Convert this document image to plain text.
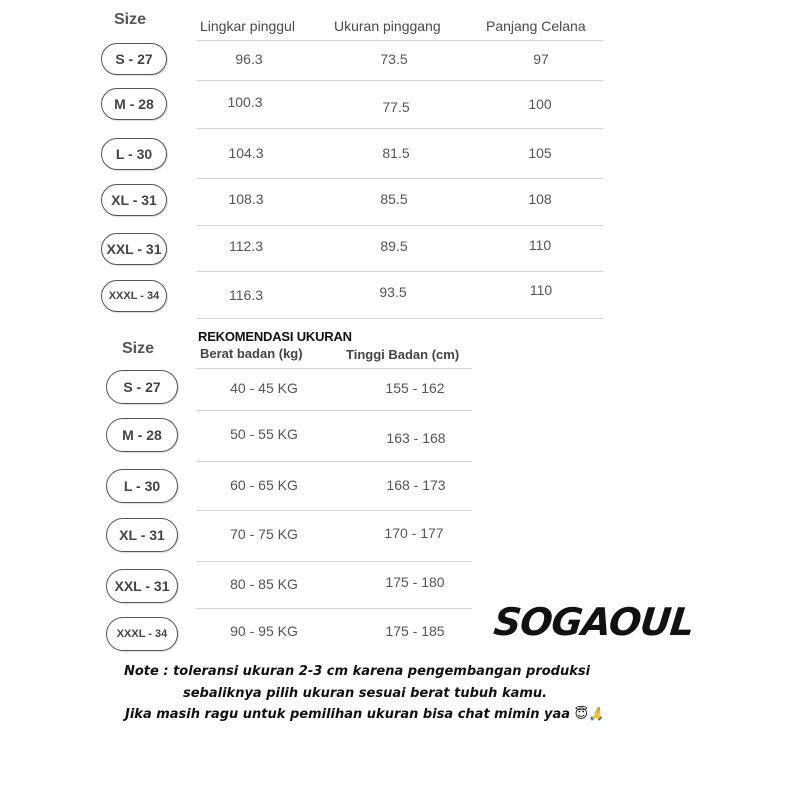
Size	Lingkar pinggul	Ukuran pinggang	Panjang Celana
S - 27	96.3	73.5	97
M - 28	100.3	77.5	100
L - 30	104.3	81.5	105
XL - 31	108.3	85.5	108
XXL - 31	112.3	89.5	110
XXXL - 34	116.3	93.5	110
REKOMENDASI UKURAN
Size	Berat badan (kg)	Tinggi Badan (cm)
S - 27	40 - 45 KG	155 - 162
M - 28	50 - 55 KG	163 - 168
L - 30	60 - 65 KG	168 - 173
XL - 31	70 - 75 KG	170 - 177
XXL - 31	80 - 85 KG	175 - 180
XXXL - 34	90 - 95 KG	175 - 185 SOGAOUL
Note : toleransi ukuran 2-3 cm karena pengembangan produksi
sebaliknya pilih ukuran sesuai berat tubuh kamu.
Jika masih ragu untuk pemilihan ukuran bisa chat mimin yaa 😇🙏
